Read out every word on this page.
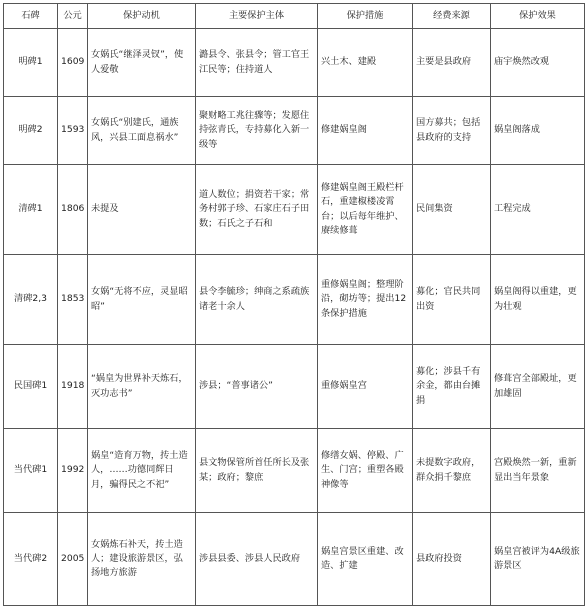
石碑	公元	保护动机	主要保护主体	保护措施	经费来源	保护效果
明碑1	1609	女娲氏“继泽灵钗”，使人爱敬	潞县令、张县令；管工官王江民等；住持道人	兴土木、建殿	主要是县政府	庙宇焕然改观
明碑2	1593	女娲氏“别建氏，通族风，兴县工面息祸水”	聚财略工兆往骤等；发愿住持弦青氏，专持募化入新一级等	修建娲皇阁	国方募共；包括县政府的支持	娲皇阁落成
清碑1	1806	未提及	道人数位；捐资若干家；常务村郭子珍、石家庄石子田数；石氏之子石和	修建娲皇阁王殿栏杆石，重建椒楼凌霄台；以后每年维护、赓续修葺	民间集资	工程完成
清碑2,3	1853	女娲“无将不应，灵显昭昭”	县令李毓珍；绅商之系疏族诸老十余人	重修娲皇阁；整理阶沿，砌坊等；提出12条保护措施	募化；官民共同出资	娲皇阁得以重建，更为壮观
民国碑1	1918	“娲皇为世界补天炼石，灭功志书”	涉县；“普事诸公”	重修娲皇宫	募化；涉县千有余金，都由台摊捐	修葺宫全部殿址，更加雄固
当代碑1	1992	娲皇“造育万物，抟土造人，……功德同辉日月，骗得民之不祀”	县文物保管所首任所长及张某；政府；黎庶	修缮女娲、停殿、广生、门宫；重塑各殿神像等	未提数字政府，群众捐千黎庶	宫殿焕然一新，重新显出当年景象
当代碑2	2005	女娲炼石补天，抟土造人；建设旅游景区，弘扬地方旅游	涉县县委、涉县人民政府	娲皇宫景区重建、改造、扩建	县政府投资	娲皇宫被评为4A级旅游景区
